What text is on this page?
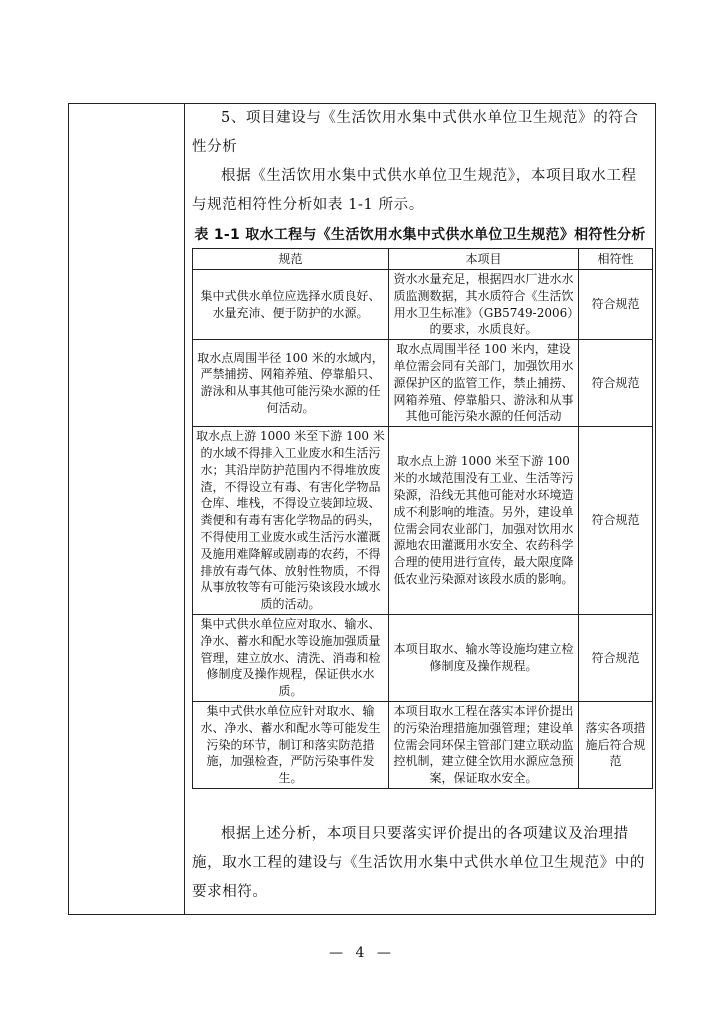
5、项目建设与《生活饮用水集中式供水单位卫生规范》的符合性分析

根据《生活饮用水集中式供水单位卫生规范》，本项目取水工程与规范相符性分析如表 1-1 所示。

表 1-1 取水工程与《生活饮用水集中式供水单位卫生规范》相符性分析
规范	本项目	相符性
集中式供水单位应选择水质良好、水量充沛、便于防护的水源。	资水水量充足，根据四水厂进水水质监测数据，其水质符合《生活饮用水卫生标准》（GB5749-2006）的要求，水质良好。	符合规范
取水点周围半径 100 米的水域内，严禁捕捞、网箱养殖、停靠船只、游泳和从事其他可能污染水源的任何活动。	取水点周围半径 100 米内，建设单位需会同有关部门，加强饮用水源保护区的监管工作，禁止捕捞、网箱养殖、停靠船只、游泳和从事其他可能污染水源的任何活动	符合规范
取水点上游 1000 米至下游 100 米的水域不得排入工业废水和生活污水；其沿岸防护范围内不得堆放废渣，不得设立有毒、有害化学物品仓库、堆栈，不得设立装卸垃圾、粪便和有毒有害化学物品的码头，不得使用工业废水或生活污水灌溉及施用难降解或剧毒的农药，不得排放有毒气体、放射性物质，不得从事放牧等有可能污染该段水域水质的活动。	取水点上游 1000 米至下游 100 米的水域范围没有工业、生活等污染源，沿线无其他可能对水环境造成不利影响的堆渣。另外，建设单位需会同农业部门，加强对饮用水源地农田灌溉用水安全、农药科学合理的使用进行宣传，最大限度降低农业污染源对该段水质的影响。	符合规范
集中式供水单位应对取水、输水、净水、蓄水和配水等设施加强质量管理，建立放水、清洗、消毒和检修制度及操作规程，保证供水水质。	本项目取水、输水等设施均建立检修制度及操作规程。	符合规范
集中式供水单位应针对取水、输水、净水、蓄水和配水等可能发生污染的环节，制订和落实防范措施，加强检查，严防污染事件发生。	本项目取水工程在落实本评价提出的污染治理措施加强管理；建设单位需会同环保主管部门建立联动监控机制，建立健全饮用水源应急预案，保证取水安全。	落实各项措施后符合规范

根据上述分析，本项目只要落实评价提出的各项建议及治理措施，取水工程的建设与《生活饮用水集中式供水单位卫生规范》中的要求相符。

— 4 —
